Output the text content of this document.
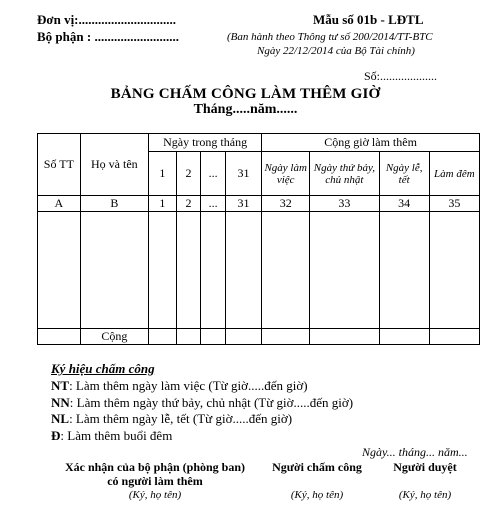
Đơn vị:..............................
Bộ phận : ..........................
Mẫu số 01b - LĐTL
(Ban hành theo Thông tư số 200/2014/TT-BTC
Ngày 22/12/2014 của Bộ Tài chính)
Số:...................
BẢNG CHẤM CÔNG LÀM THÊM GIỜ
Tháng.....năm......
Số TT	Họ và tên	Ngày trong tháng				Cộng giờ làm thêm			
		1	2	...	31	Ngày làm việc	Ngày thứ bảy, chủ nhật	Ngày lễ, tết	Làm đêm
A	B	1	2	...	31	32	33	34	35

	Cộng								
Ký hiệu chấm công
NT: Làm thêm ngày làm việc (Từ giờ.....đến giờ)
NN: Làm thêm ngày thứ bảy, chủ nhật (Từ giờ.....đến giờ)
NL: Làm thêm ngày lễ, tết (Từ giờ.....đến giờ)
Đ: Làm thêm buổi đêm
Ngày... tháng... năm...
Xác nhận của bộ phận (phòng ban)
có người làm thêm
Người chấm công	Người duyệt
(Ký, họ tên)	(Ký, họ tên)	(Ký, họ tên)
